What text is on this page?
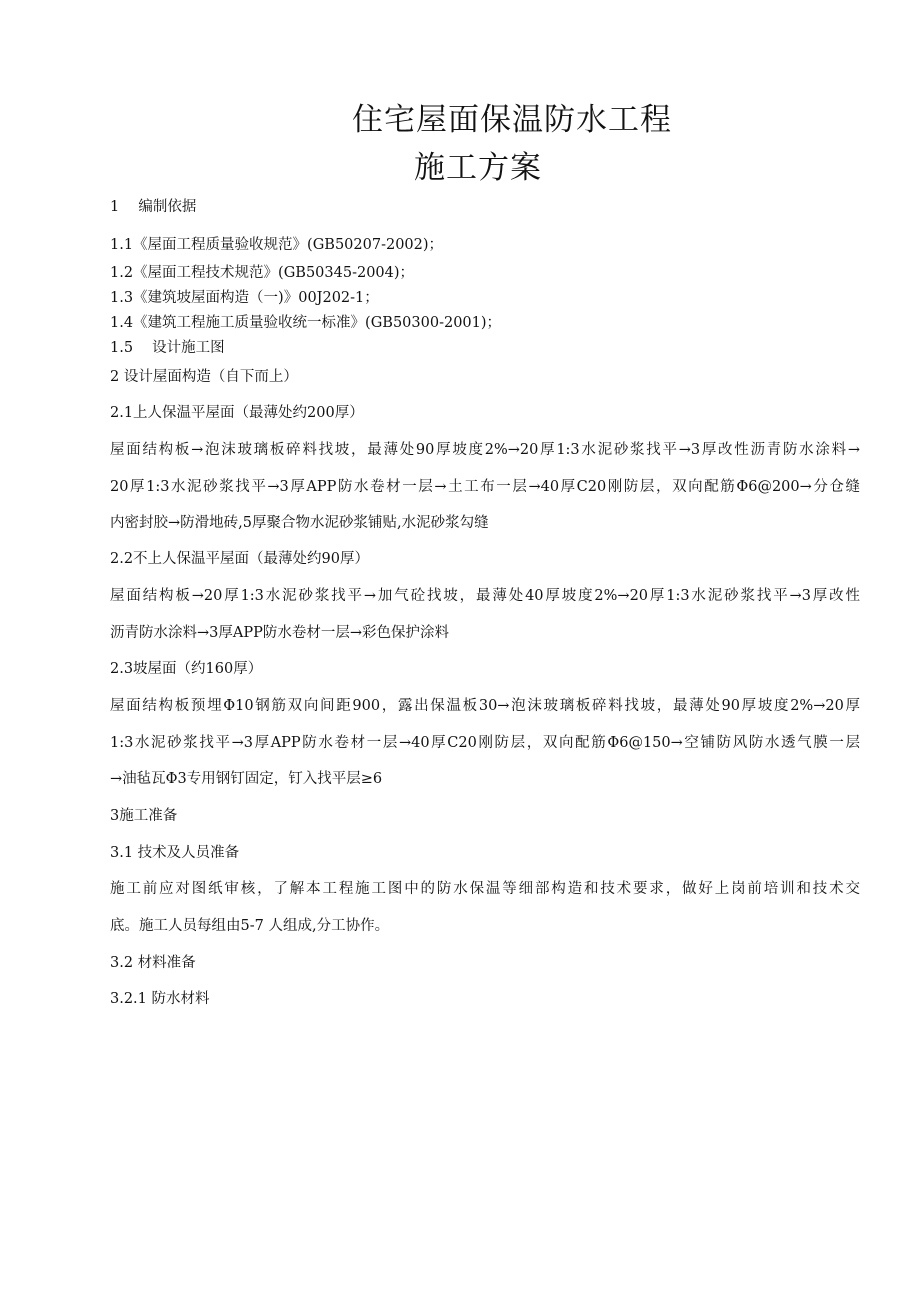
住宅屋面保温防水工程
施工方案
1　 编制依据
1.1《屋面工程质量验收规范》(GB50207-2002)；
1.2《屋面工程技术规范》(GB50345-2004)；
1.3《建筑坡屋面构造（一)》00J202-1；
1.4《建筑工程施工质量验收统一标准》(GB50300-2001)；
1.5　 设计施工图
2 设计屋面构造（自下而上）
2.1上人保温平屋面（最薄处约200厚）
屋面结构板→泡沫玻璃板碎料找坡，最薄处90厚坡度2%→20厚1:3水泥砂浆找平→3厚改性沥青防水涂料→
20厚1:3水泥砂浆找平→3厚APP防水卷材一层→土工布一层→40厚C20刚防层，双向配筋Φ6@200→分仓缝
内密封胶→防滑地砖,5厚聚合物水泥砂浆铺贴,水泥砂浆勾缝
2.2不上人保温平屋面（最薄处约90厚）
屋面结构板→20厚1:3水泥砂浆找平→加气砼找坡，最薄处40厚坡度2%→20厚1:3水泥砂浆找平→3厚改性
沥青防水涂料→3厚APP防水卷材一层→彩色保护涂料
2.3坡屋面（约160厚）
屋面结构板预埋Φ10钢筋双向间距900，露出保温板30→泡沫玻璃板碎料找坡，最薄处90厚坡度2%→20厚
1:3水泥砂浆找平→3厚APP防水卷材一层→40厚C20刚防层，双向配筋Φ6@150→空铺防风防水透气膜一层
→油毡瓦Φ3专用钢钉固定，钉入找平层≥6
3施工准备
3.1 技术及人员准备
施工前应对图纸审核，了解本工程施工图中的防水保温等细部构造和技术要求，做好上岗前培训和技术交
底。施工人员每组由5-7 人组成,分工协作。
3.2 材料准备
3.2.1 防水材料
